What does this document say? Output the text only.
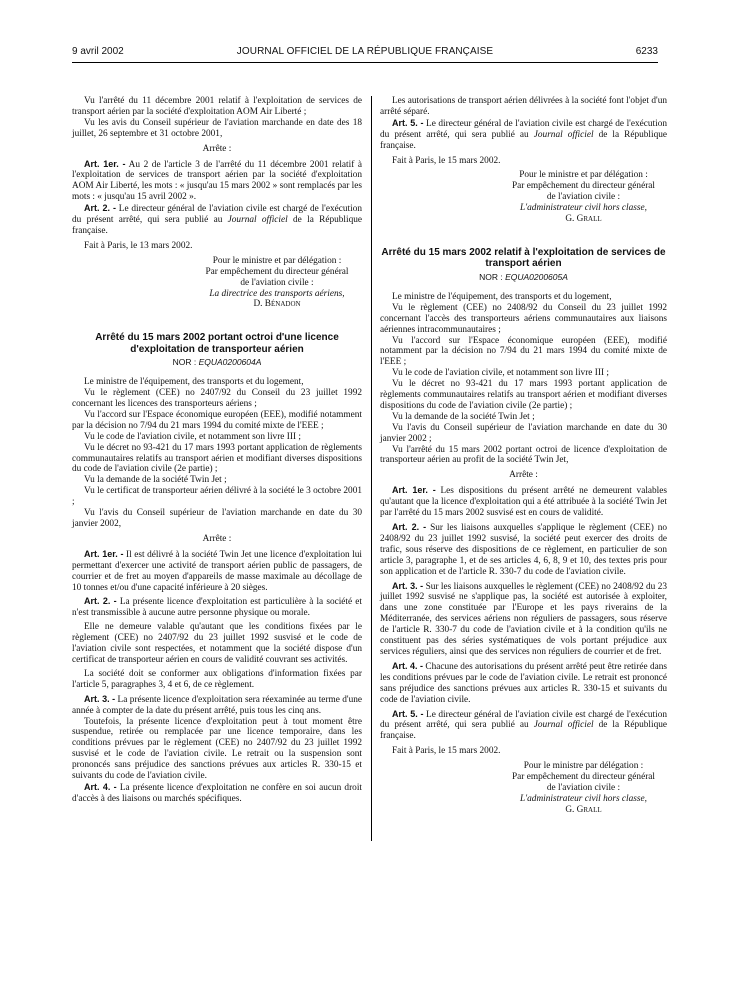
9 avril 2002	JOURNAL OFFICIEL DE LA RÉPUBLIQUE FRANÇAISE	6233

Vu l'arrêté du 11 décembre 2001 relatif à l'exploitation de services de transport aérien par la société d'exploitation AOM Air Liberté ;

Vu les avis du Conseil supérieur de l'aviation marchande en date des 18 juillet, 26 septembre et 31 octobre 2001,

Arrête :

Art. 1er. - Au 2 de l'article 3 de l'arrêté du 11 décembre 2001 relatif à l'exploitation de services de transport aérien par la société d'exploitation AOM Air Liberté, les mots : « jusqu'au 15 mars 2002 » sont remplacés par les mots : « jusqu'au 15 avril 2002 ».

Art. 2. - Le directeur général de l'aviation civile est chargé de l'exécution du présent arrêté, qui sera publié au Journal officiel de la République française.

Fait à Paris, le 13 mars 2002.

Pour le ministre et par délégation :

Par empêchement du directeur général

de l'aviation civile :

La directrice des transports aériens,

D. Bénadon

Arrêté du 15 mars 2002 portant octroi d'une licence d'exploitation de transporteur aérien
NOR : EQUA0200604A

Le ministre de l'équipement, des transports et du logement,

Vu le règlement (CEE) no 2407/92 du Conseil du 23 juillet 1992 concernant les licences des transporteurs aériens ;

Vu l'accord sur l'Espace économique européen (EEE), modifié notamment par la décision no 7/94 du 21 mars 1994 du comité mixte de l'EEE ;

Vu le code de l'aviation civile, et notamment son livre III ;

Vu le décret no 93-421 du 17 mars 1993 portant application de règlements communautaires relatifs au transport aérien et modifiant diverses dispositions du code de l'aviation civile (2e partie) ;

Vu la demande de la société Twin Jet ;

Vu le certificat de transporteur aérien délivré à la société le 3 octobre 2001 ;

Vu l'avis du Conseil supérieur de l'aviation marchande en date du 30 janvier 2002,

Arrête :

Art. 1er. - Il est délivré à la société Twin Jet une licence d'exploitation lui permettant d'exercer une activité de transport aérien public de passagers, de courrier et de fret au moyen d'appareils de masse maximale au décollage de 10 tonnes et/ou d'une capacité inférieure à 20 sièges.

Art. 2. - La présente licence d'exploitation est particulière à la société et n'est transmissible à aucune autre personne physique ou morale.

Elle ne demeure valable qu'autant que les conditions fixées par le règlement (CEE) no 2407/92 du 23 juillet 1992 susvisé et le code de l'aviation civile sont respectées, et notamment que la société dispose d'un certificat de transporteur aérien en cours de validité couvrant ses activités.

La société doit se conformer aux obligations d'information fixées par l'article 5, paragraphes 3, 4 et 6, de ce règlement.

Art. 3. - La présente licence d'exploitation sera réexaminée au terme d'une année à compter de la date du présent arrêté, puis tous les cinq ans.

Toutefois, la présente licence d'exploitation peut à tout moment être suspendue, retirée ou remplacée par une licence temporaire, dans les conditions prévues par le règlement (CEE) no 2407/92 du 23 juillet 1992 susvisé et le code de l'aviation civile. Le retrait ou la suspension sont prononcés sans préjudice des sanctions prévues aux articles R. 330-15 et suivants du code de l'aviation civile.

Art. 4. - La présente licence d'exploitation ne confère en soi aucun droit d'accès à des liaisons ou marchés spécifiques.

Les autorisations de transport aérien délivrées à la société font l'objet d'un arrêté séparé.

Art. 5. - Le directeur général de l'aviation civile est chargé de l'exécution du présent arrêté, qui sera publié au Journal officiel de la République française.

Fait à Paris, le 15 mars 2002.

Pour le ministre et par délégation :

Par empêchement du directeur général

de l'aviation civile :

L'administrateur civil hors classe,

G. Grall

Arrêté du 15 mars 2002 relatif à l'exploitation de services de transport aérien
NOR : EQUA0200605A

Le ministre de l'équipement, des transports et du logement,

Vu le règlement (CEE) no 2408/92 du Conseil du 23 juillet 1992 concernant l'accès des transporteurs aériens communautaires aux liaisons aériennes intracommunautaires ;

Vu l'accord sur l'Espace économique européen (EEE), modifié notamment par la décision no 7/94 du 21 mars 1994 du comité mixte de l'EEE ;

Vu le code de l'aviation civile, et notamment son livre III ;

Vu le décret no 93-421 du 17 mars 1993 portant application de règlements communautaires relatifs au transport aérien et modifiant diverses dispositions du code de l'aviation civile (2e partie) ;

Vu la demande de la société Twin Jet ;

Vu l'avis du Conseil supérieur de l'aviation marchande en date du 30 janvier 2002 ;

Vu l'arrêté du 15 mars 2002 portant octroi de licence d'exploitation de transporteur aérien au profit de la société Twin Jet,

Arrête :

Art. 1er. - Les dispositions du présent arrêté ne demeurent valables qu'autant que la licence d'exploitation qui a été attribuée à la société Twin Jet par l'arrêté du 15 mars 2002 susvisé est en cours de validité.

Art. 2. - Sur les liaisons auxquelles s'applique le règlement (CEE) no 2408/92 du 23 juillet 1992 susvisé, la société peut exercer des droits de trafic, sous réserve des dispositions de ce règlement, en particulier de son article 3, paragraphe 1, et de ses articles 4, 6, 8, 9 et 10, des textes pris pour son application et de l'article R. 330-7 du code de l'aviation civile.

Art. 3. - Sur les liaisons auxquelles le règlement (CEE) no 2408/92 du 23 juillet 1992 susvisé ne s'applique pas, la société est autorisée à exploiter, dans une zone constituée par l'Europe et les pays riverains de la Méditerranée, des services aériens non réguliers de passagers, sous réserve de l'article R. 330-7 du code de l'aviation civile et à la condition qu'ils ne constituent pas des séries systématiques de vols portant préjudice aux services réguliers, ainsi que des services non réguliers de courrier et de fret.

Art. 4. - Chacune des autorisations du présent arrêté peut être retirée dans les conditions prévues par le code de l'aviation civile. Le retrait est prononcé sans préjudice des sanctions prévues aux articles R. 330-15 et suivants du code de l'aviation civile.

Art. 5. - Le directeur général de l'aviation civile est chargé de l'exécution du présent arrêté, qui sera publié au Journal officiel de la République française.

Fait à Paris, le 15 mars 2002.

Pour le ministre par délégation :

Par empêchement du directeur général

de l'aviation civile :

L'administrateur civil hors classe,

G. Grall
